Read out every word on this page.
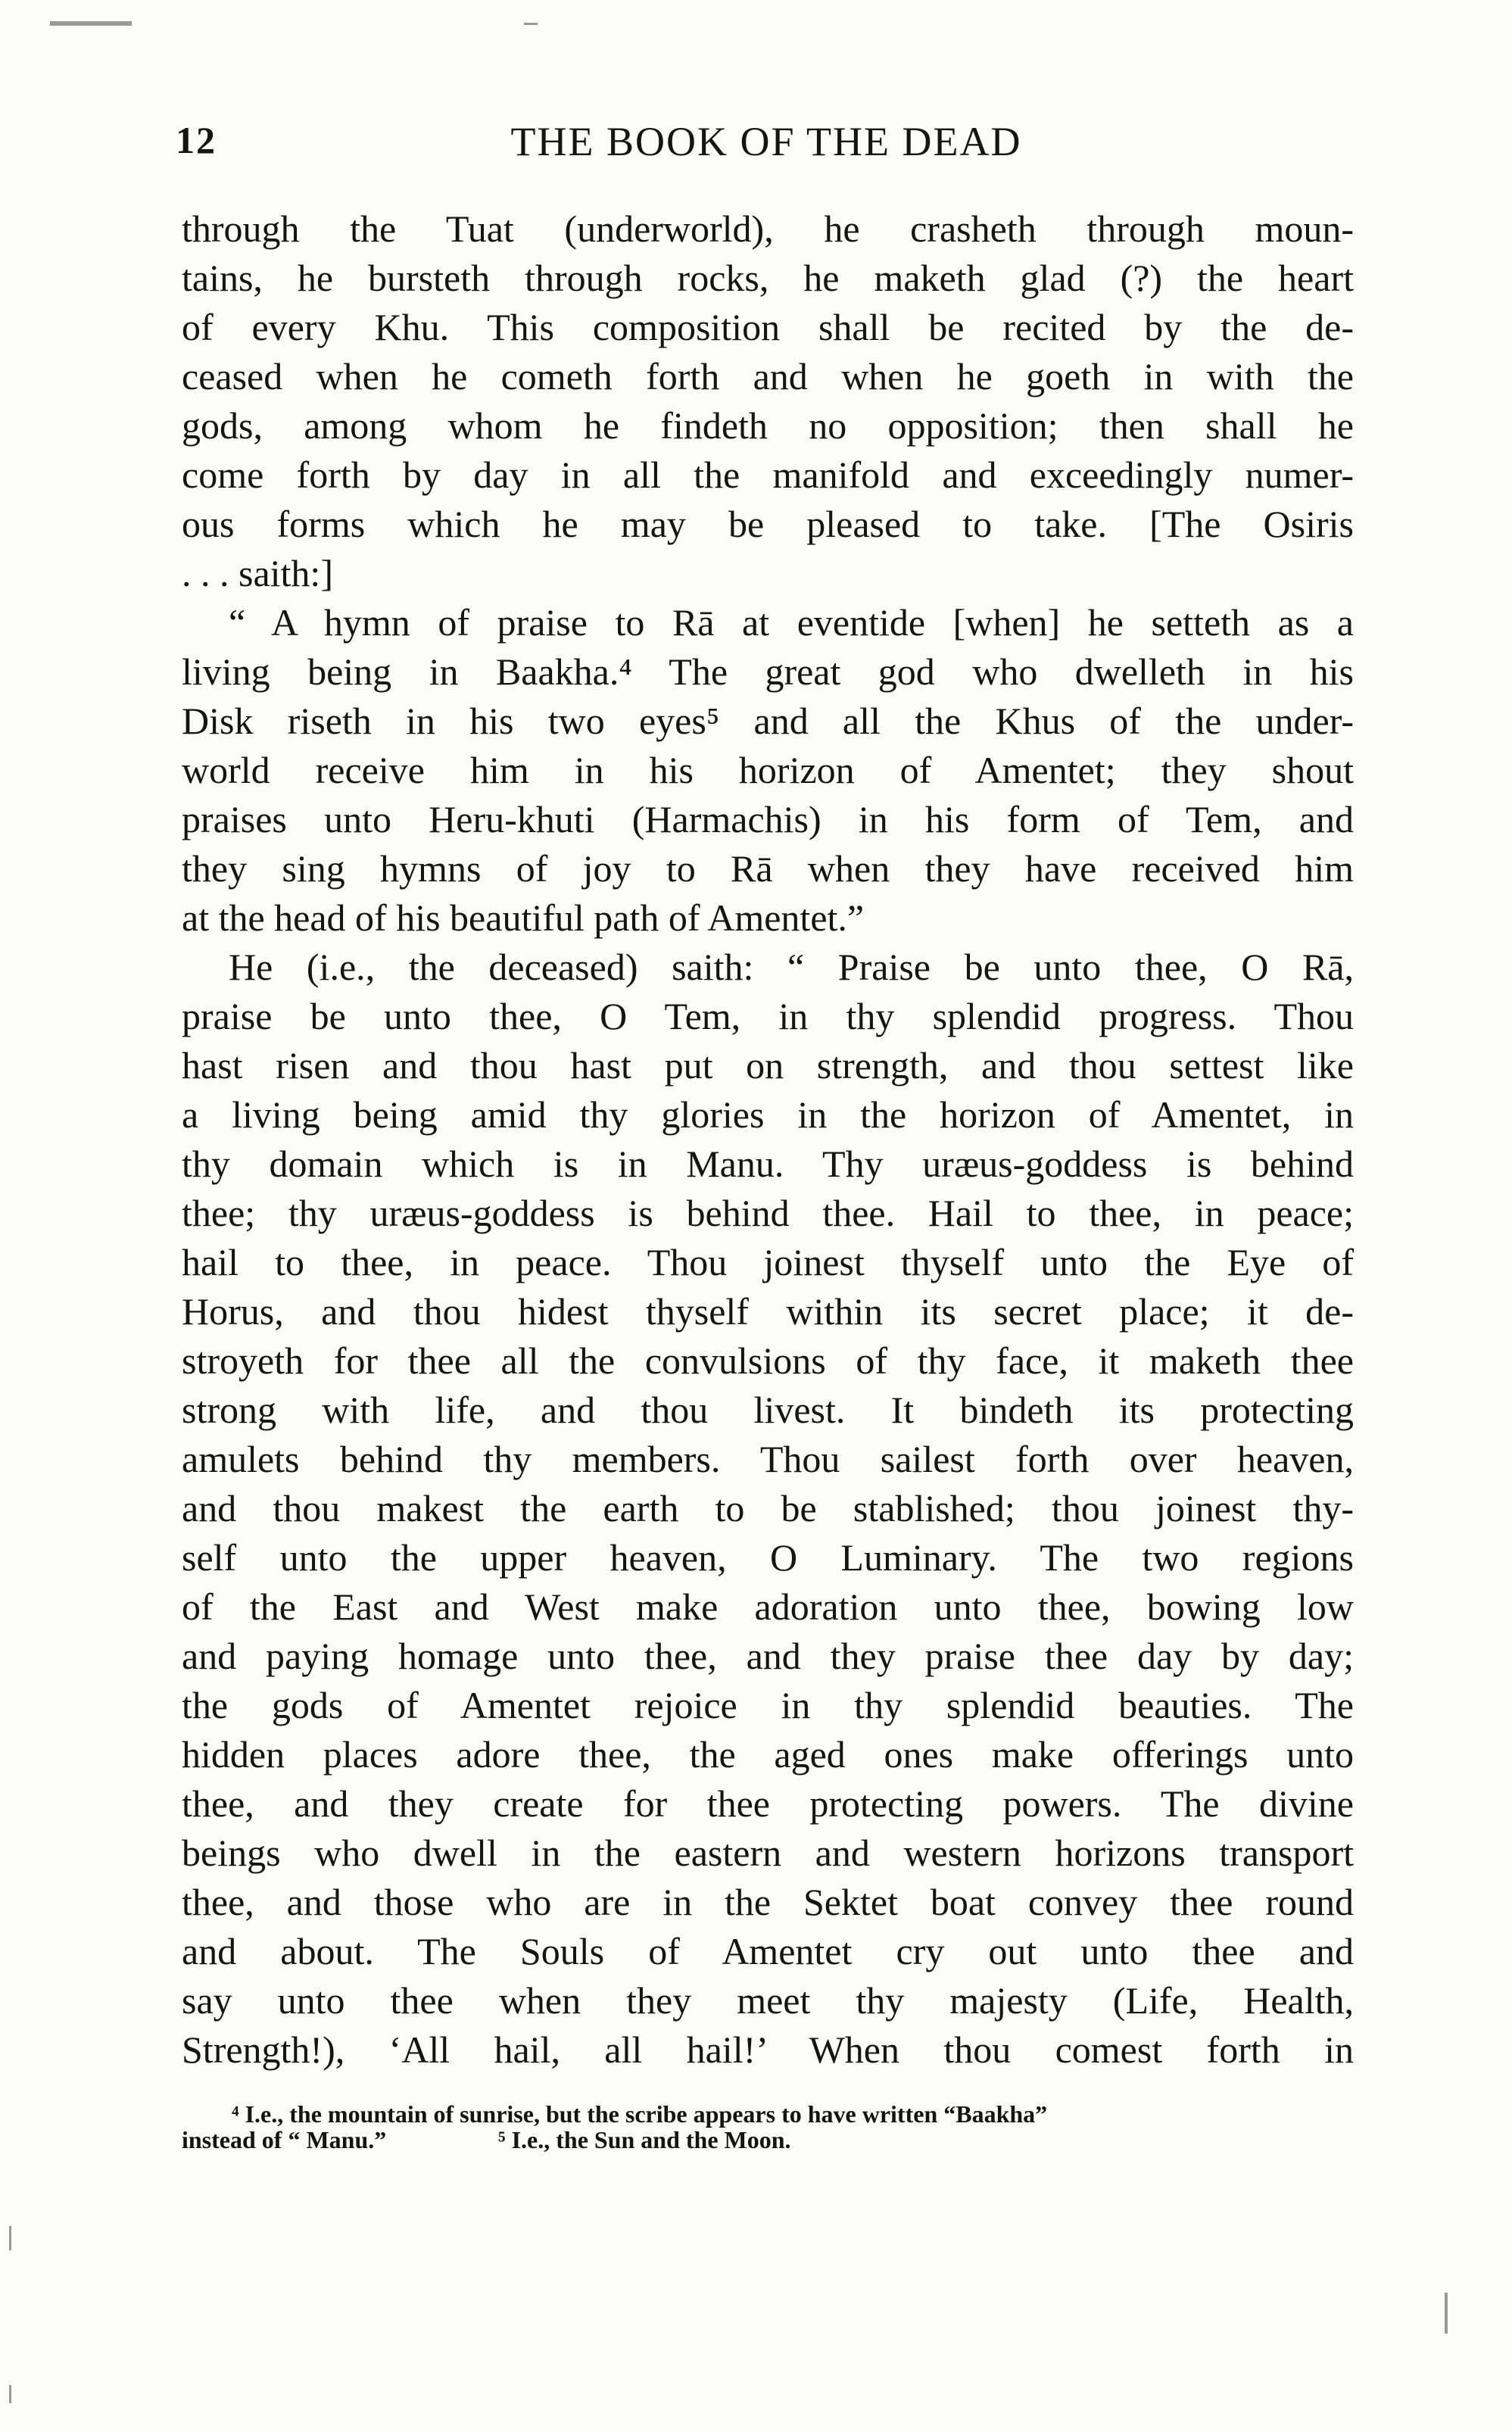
12	THE BOOK OF THE DEAD
through the Tuat (underworld), he crasheth through moun-
tains, he bursteth through rocks, he maketh glad (?) the heart
of every Khu. This composition shall be recited by the de-
ceased when he cometh forth and when he goeth in with the
gods, among whom he findeth no opposition; then shall he
come forth by day in all the manifold and exceedingly numer-
ous forms which he may be pleased to take. [The Osiris
. . . saith:]
“ A hymn of praise to Rā at eventide [when] he setteth as a
living being in Baakha.⁴ The great god who dwelleth in his
Disk riseth in his two eyes⁵ and all the Khus of the under-
world receive him in his horizon of Amentet; they shout
praises unto Heru-khuti (Harmachis) in his form of Tem, and
they sing hymns of joy to Rā when they have received him
at the head of his beautiful path of Amentet.”
He (i.e., the deceased) saith: “ Praise be unto thee, O Rā,
praise be unto thee, O Tem, in thy splendid progress. Thou
hast risen and thou hast put on strength, and thou settest like
a living being amid thy glories in the horizon of Amentet, in
thy domain which is in Manu. Thy uræus-goddess is behind
thee; thy uræus-goddess is behind thee. Hail to thee, in peace;
hail to thee, in peace. Thou joinest thyself unto the Eye of
Horus, and thou hidest thyself within its secret place; it de-
stroyeth for thee all the convulsions of thy face, it maketh thee
strong with life, and thou livest. It bindeth its protecting
amulets behind thy members. Thou sailest forth over heaven,
and thou makest the earth to be stablished; thou joinest thy-
self unto the upper heaven, O Luminary. The two regions
of the East and West make adoration unto thee, bowing low
and paying homage unto thee, and they praise thee day by day;
the gods of Amentet rejoice in thy splendid beauties. The
hidden places adore thee, the aged ones make offerings unto
thee, and they create for thee protecting powers. The divine
beings who dwell in the eastern and western horizons transport
thee, and those who are in the Sektet boat convey thee round
and about. The Souls of Amentet cry out unto thee and
say unto thee when they meet thy majesty (Life, Health,
Strength!), ‘All hail, all hail!’ When thou comest forth in
⁴ I.e., the mountain of sunrise, but the scribe appears to have written “Baakha”
instead of “ Manu.”	⁵ I.e., the Sun and the Moon.
